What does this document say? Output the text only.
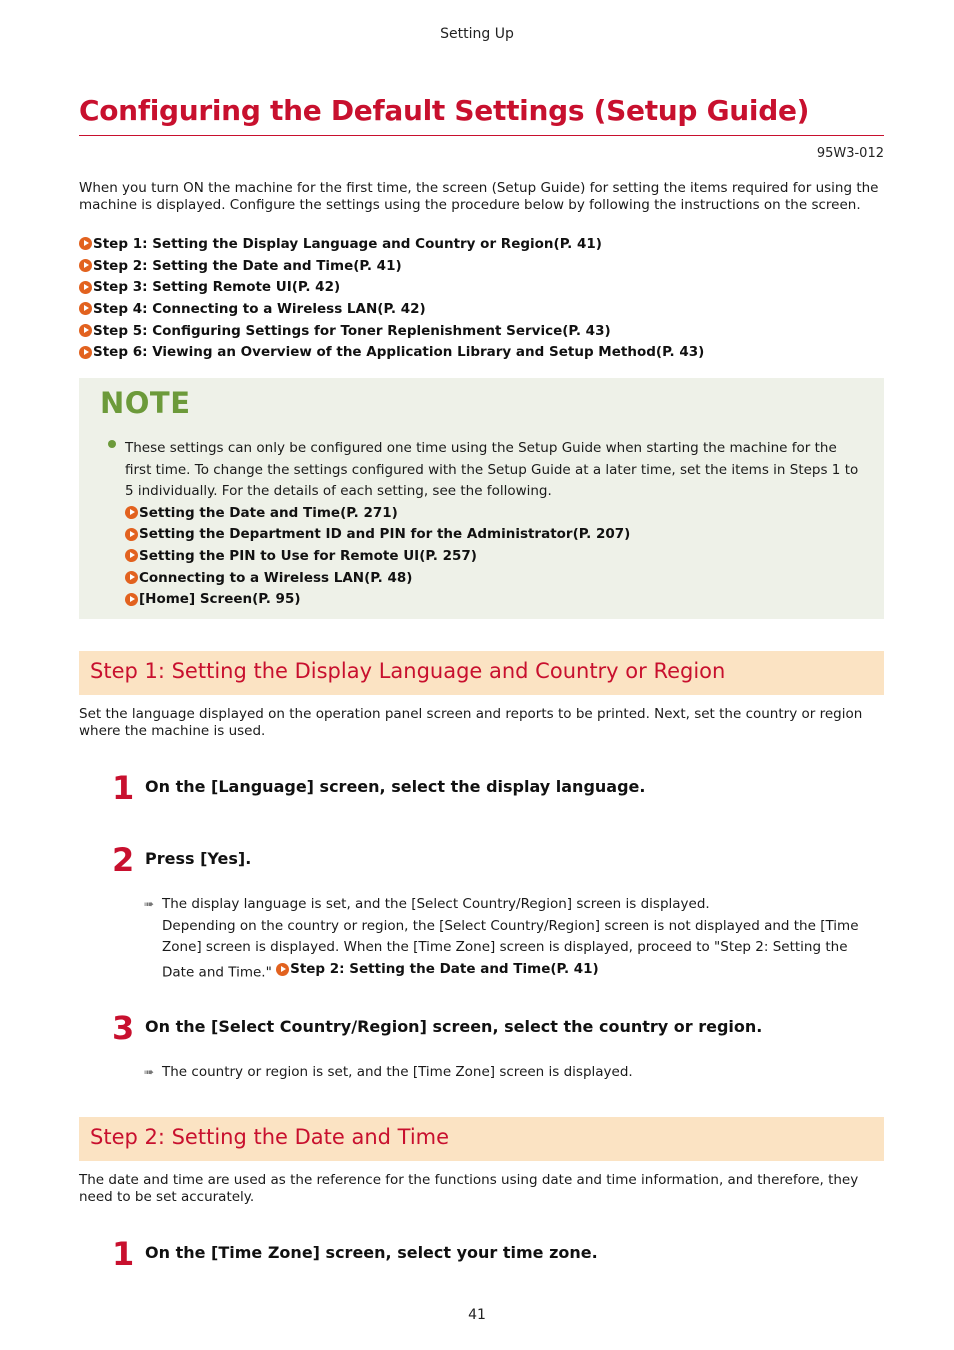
Setting Up
Configuring the Default Settings (Setup Guide)
95W3-012

When you turn ON the machine for the first time, the screen (Setup Guide) for setting the items required for using the machine is displayed. Configure the settings using the procedure below by following the instructions on the screen.

Step 1: Setting the Display Language and Country or Region(P. 41)
Step 2: Setting the Date and Time(P. 41)
Step 3: Setting Remote UI(P. 42)
Step 4: Connecting to a Wireless LAN(P. 42)
Step 5: Configuring Settings for Toner Replenishment Service(P. 43)
Step 6: Viewing an Overview of the Application Library and Setup Method(P. 43)
NOTE

These settings can only be configured one time using the Setup Guide when starting the machine for the first time. To change the settings configured with the Setup Guide at a later time, set the items in Steps 1 to 5 individually. For the details of each setting, see the following.

Setting the Date and Time(P. 271)
Setting the Department ID and PIN for the Administrator(P. 207)
Setting the PIN to Use for Remote UI(P. 257)
Connecting to a Wireless LAN(P. 48)
[Home] Screen(P. 95)
Step 1: Setting the Display Language and Country or Region

Set the language displayed on the operation panel screen and reports to be printed. Next, set the country or region where the machine is used.

1 On the [Language] screen, select the display language.
2 Press [Yes].
➠ The display language is set, and the [Select Country/Region] screen is displayed.
Depending on the country or region, the [Select Country/Region] screen is not displayed and the [Time Zone] screen is displayed. When the [Time Zone] screen is displayed, proceed to "Step 2: Setting the Date and Time." Step 2: Setting the Date and Time(P. 41)
3 On the [Select Country/Region] screen, select the country or region.
➠ The country or region is set, and the [Time Zone] screen is displayed.
Step 2: Setting the Date and Time

The date and time are used as the reference for the functions using date and time information, and therefore, they need to be set accurately.

1 On the [Time Zone] screen, select your time zone.
41
